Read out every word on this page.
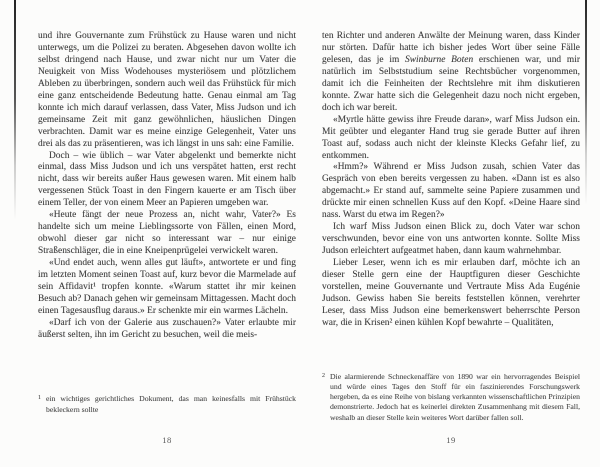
und ihre Gouvernante zum Frühstück zu Hause waren und nicht unterwegs, um die Polizei zu beraten. Abgesehen davon wollte ich selbst dringend nach Hause, und zwar nicht nur um Vater die Neuigkeit von Miss Wodehouses mysteriösem und plötzlichem Ableben zu überbringen, sondern auch weil das Frühstück für mich eine ganz entscheidende Bedeutung hatte. Genau einmal am Tag konnte ich mich darauf verlassen, dass Vater, Miss Judson und ich gemeinsame Zeit mit ganz gewöhnlichen, häuslichen Dingen verbrachten. Damit war es meine einzige Gelegenheit, Vater uns drei als das zu präsentieren, was ich längst in uns sah: eine Familie.

Doch – wie üblich – war Vater abgelenkt und bemerkte nicht einmal, dass Miss Judson und ich uns verspätet hatten, erst recht nicht, dass wir bereits außer Haus gewesen waren. Mit einem halb vergessenen Stück Toast in den Fingern kauerte er am Tisch über einem Teller, der von einem Meer an Papieren umgeben war.

«Heute fängt der neue Prozess an, nicht wahr, Vater?» Es handelte sich um meine Lieblingssorte von Fällen, einen Mord, obwohl dieser gar nicht so interessant war – nur einige Straßenschläger, die in eine Kneipenprügelei verwickelt waren.

«Und endet auch, wenn alles gut läuft», antwortete er und fing im letzten Moment seinen Toast auf, kurz bevor die Marmelade auf sein Affidavit¹ tropfen konnte. «Warum stattet ihr mir keinen Besuch ab? Danach gehen wir gemeinsam Mittagessen. Macht doch einen Tagesausflug daraus.» Er schenkte mir ein warmes Lächeln.

«Darf ich von der Galerie aus zuschauen?» Vater erlaubte mir äußerst selten, ihn im Gericht zu besuchen, weil die meis-

1 ein wichtiges gerichtliches Dokument, das man keinesfalls mit Frühstück bekleckern sollte
18

ten Richter und anderen Anwälte der Meinung waren, dass Kinder nur störten. Dafür hatte ich bisher jedes Wort über seine Fälle gelesen, das je im Swinburne Boten erschienen war, und mir natürlich im Selbststudium seine Rechtsbücher vorgenommen, damit ich die Feinheiten der Rechtslehre mit ihm diskutieren konnte. Zwar hatte sich die Gelegenheit dazu noch nicht ergeben, doch ich war bereit.

«Myrtle hätte gewiss ihre Freude daran», warf Miss Judson ein. Mit geübter und eleganter Hand trug sie gerade Butter auf ihren Toast auf, sodass auch nicht der kleinste Klecks Gefahr lief, zu entkommen.

«Hmm?» Während er Miss Judson zusah, schien Vater das Gespräch von eben bereits vergessen zu haben. «Dann ist es also abgemacht.» Er stand auf, sammelte seine Papiere zusammen und drückte mir einen schnellen Kuss auf den Kopf. «Deine Haare sind nass. Warst du etwa im Regen?»

Ich warf Miss Judson einen Blick zu, doch Vater war schon verschwunden, bevor eine von uns antworten konnte. Sollte Miss Judson erleichtert aufgeatmet haben, dann kaum wahrnehmbar.

Lieber Leser, wenn ich es mir erlauben darf, möchte ich an dieser Stelle gern eine der Hauptfiguren dieser Geschichte vorstellen, meine Gouvernante und Vertraute Miss Ada Eugénie Judson. Gewiss haben Sie bereits feststellen können, verehrter Leser, dass Miss Judson eine bemerkenswert beherrschte Person war, die in Krisen² einen kühlen Kopf bewahrte – Qualitäten,

2 Die alarmierende Schneckenaffäre von 1890 war ein hervorragendes Beispiel und würde eines Tages den Stoff für ein faszinierendes Forschungswerk hergeben, da es eine Reihe von bislang verkannten wissenschaftlichen Prinzipien demonstrierte. Jedoch hat es keinerlei direkten Zusammenhang mit diesem Fall, weshalb an dieser Stelle kein weiteres Wort darüber fallen soll.
19
